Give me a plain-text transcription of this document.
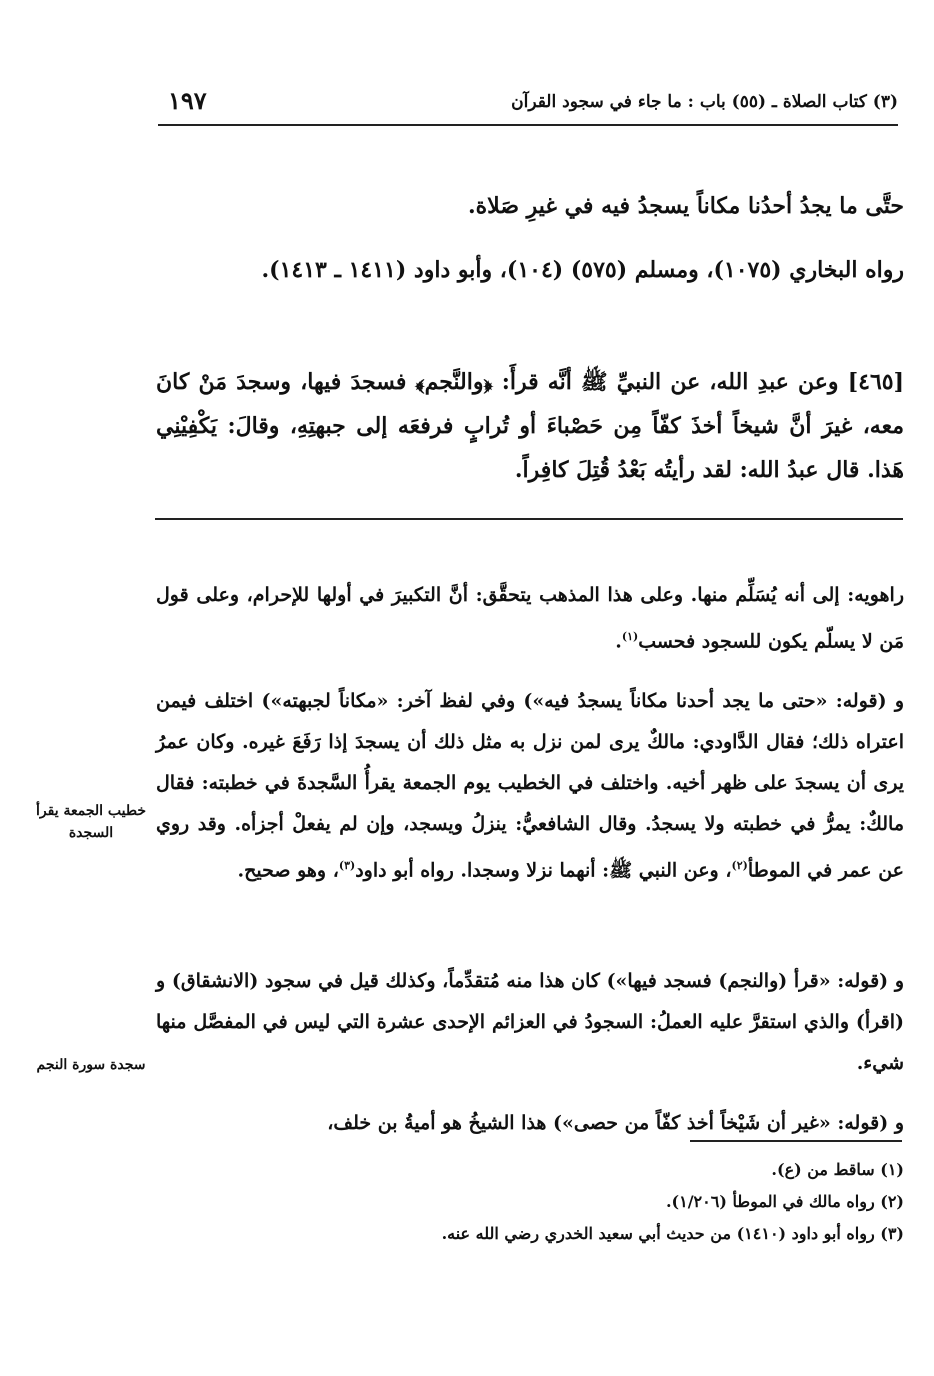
١٩٧	(٣) كتاب الصلاة ـ (٥٥) باب : ما جاء في سجود القرآن

حتَّى ما يجدُ أحدُنا مكاناً يسجدُ فيه في غيرِ صَلاة.

رواه البخاري (١٠٧٥)، ومسلم (٥٧٥) (١٠٤)، وأبو داود (١٤١١ ـ ١٤١٣).

[٤٦٥] وعن عبدِ الله، عن النبيِّ ﷺ أنَّه قرأَ: ﴿والنَّجم﴾ فسجدَ فيها، وسجدَ مَنْ كانَ معه، غيرَ أنَّ شيخاً أخذَ كفّاً مِن حَصْباءَ أو تُرابٍ فرفعَه إلى جبهتِهِ، وقالَ: يَكْفِيْنِي هَذا. قال عبدُ الله: لقد رأيتُه بَعْدُ قُتِلَ كافِراً.

راهويه: إلى أنه يُسَلِّم منها. وعلى هذا المذهب يتحقَّق: أنَّ التكبيرَ في أولها للإحرام، وعلى قول مَن لا يسلّم يكون للسجود فحسب$^{(١)}$.

و (قوله: «حتى ما يجد أحدنا مكاناً يسجدُ فيه») وفي لفظ آخر: «مكاناً لجبهته») اختلف فيمن اعتراه ذلك؛ فقال الدَّاودي: مالكٌ يرى لمن نزل به مثل ذلك أن يسجدَ إذا رَفَعَ غيره. وكان عمرُ يرى أن يسجدَ على ظهر أخيه. واختلف في الخطيب يوم الجمعة يقرأُ السَّجدةَ في خطبته: فقال مالكٌ: يمرُّ في خطبته ولا يسجدُ. وقال الشافعيُّ: ينزلُ ويسجد، وإن لم يفعلْ أجزأه. وقد روي عن عمر في الموطأ$^{(٢)}$، وعن النبي ﷺ: أنهما نزلا وسجدا. رواه أبو داود$^{(٣)}$، وهو صحيح.

و (قوله: «قرأ (والنجم) فسجد فيها») كان هذا منه مُتقدِّماً، وكذلك قيل في سجود (الانشقاق) و (اقرأ) والذي استقرَّ عليه العملُ: السجودُ في العزائم الإحدى عشرة التي ليس في المفصَّل منها شيء.

و (قوله: «غير أن شَيْخاً أخذ كفّاً من حصى») هذا الشيخُ هو أميةُ بن خلف،

خطيب الجمعة يقرأ السجدة
سجدة سورة النجم

(١) ساقط من (ع).

(٢) رواه مالك في الموطأ (١/٢٠٦).

(٣) رواه أبو داود (١٤١٠) من حديث أبي سعيد الخدري رضي الله عنه.
